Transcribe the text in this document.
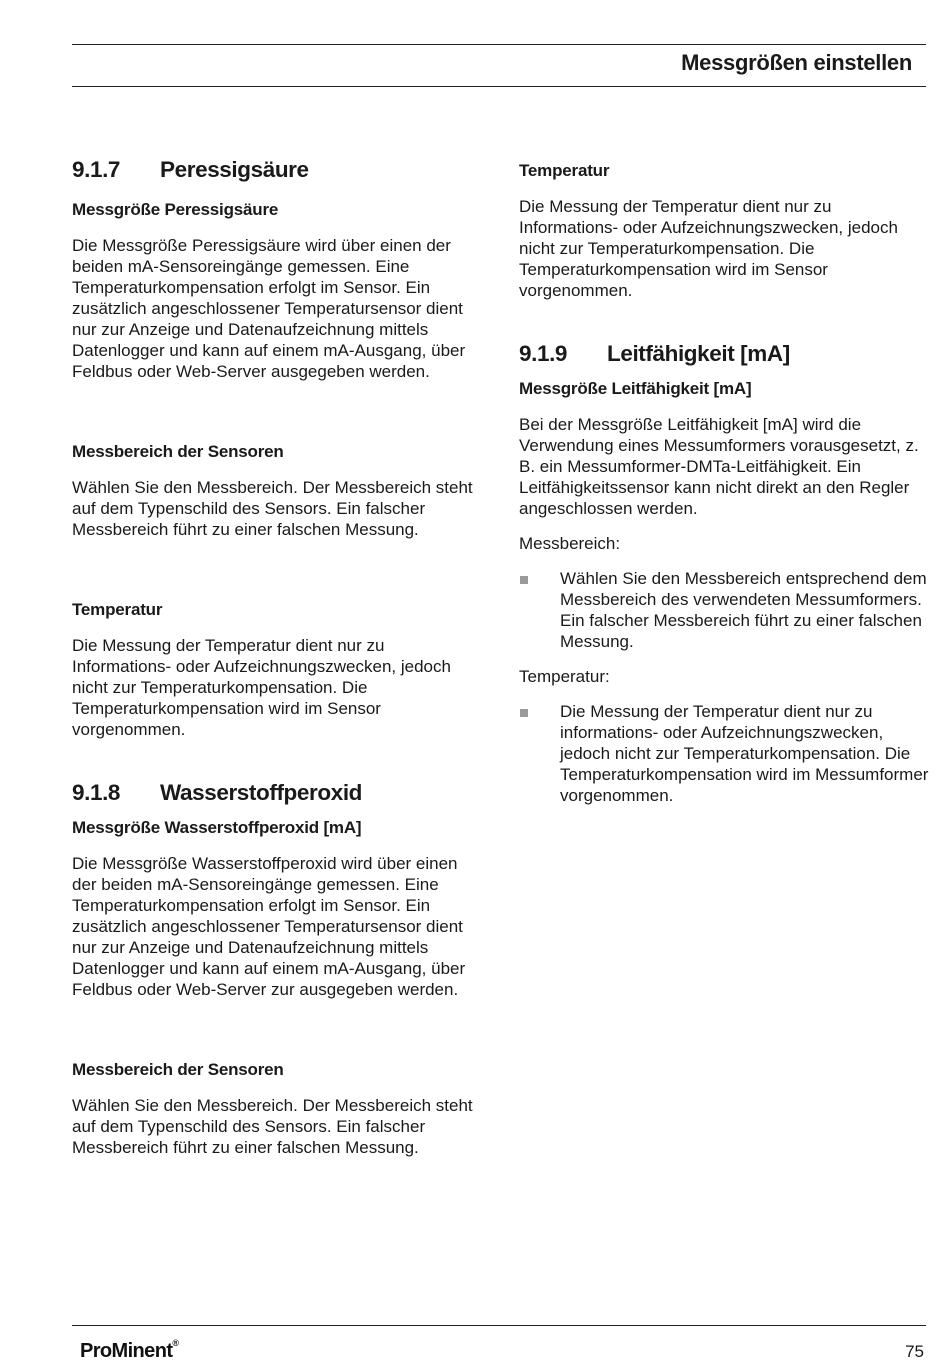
Messgrößen einstellen
9.1.7	Peressigsäure
Messgröße Peressigsäure

Die Messgröße Peressigsäure wird über einen der beiden mA-Sensoreingänge gemessen. Eine Temperaturkompensation erfolgt im Sensor. Ein zusätzlich angeschlossener Temperatursensor dient nur zur Anzeige und Datenaufzeichnung mittels Datenlogger und kann auf einem mA-Ausgang, über Feldbus oder Web-Server ausgegeben werden.

Messbereich der Sensoren

Wählen Sie den Messbereich. Der Messbereich steht auf dem Typenschild des Sensors. Ein falscher Messbereich führt zu einer falschen Messung.

Temperatur

Die Messung der Temperatur dient nur zu Informations- oder Aufzeichnungszwecken, jedoch nicht zur Temperaturkompensation. Die Temperaturkompensation wird im Sensor vorgenommen.

9.1.8	Wasserstoffperoxid
Messgröße Wasserstoffperoxid [mA]

Die Messgröße Wasserstoffperoxid wird über einen der beiden mA-Sensoreingänge gemessen. Eine Temperaturkompensation erfolgt im Sensor. Ein zusätzlich angeschlossener Temperatursensor dient nur zur Anzeige und Datenaufzeichnung mittels Datenlogger und kann auf einem mA-Ausgang, über Feldbus oder Web-Server zur ausgegeben werden.

Messbereich der Sensoren

Wählen Sie den Messbereich. Der Messbereich steht auf dem Typenschild des Sensors. Ein falscher Messbereich führt zu einer falschen Messung.

Temperatur

Die Messung der Temperatur dient nur zu Informations- oder Aufzeichnungszwecken, jedoch nicht zur Temperaturkompensation. Die Temperaturkompensation wird im Sensor vorgenommen.

9.1.9	Leitfähigkeit [mA]
Messgröße Leitfähigkeit [mA]

Bei der Messgröße Leitfähigkeit [mA] wird die Verwendung eines Messumformers vorausgesetzt, z. B. ein Messumformer-DMTa-Leitfähigkeit. Ein Leitfähigkeitssensor kann nicht direkt an den Regler angeschlossen werden.

Messbereich:

Wählen Sie den Messbereich entsprechend dem Messbereich des verwendeten Messumformers. Ein falscher Messbereich führt zu einer falschen Messung.

Temperatur:

Die Messung der Temperatur dient nur zu informations- oder Aufzeichnungszwecken, jedoch nicht zur Temperaturkompensation. Die Temperaturkompensation wird im Messumformer vorgenommen.
ProMinent®	75
